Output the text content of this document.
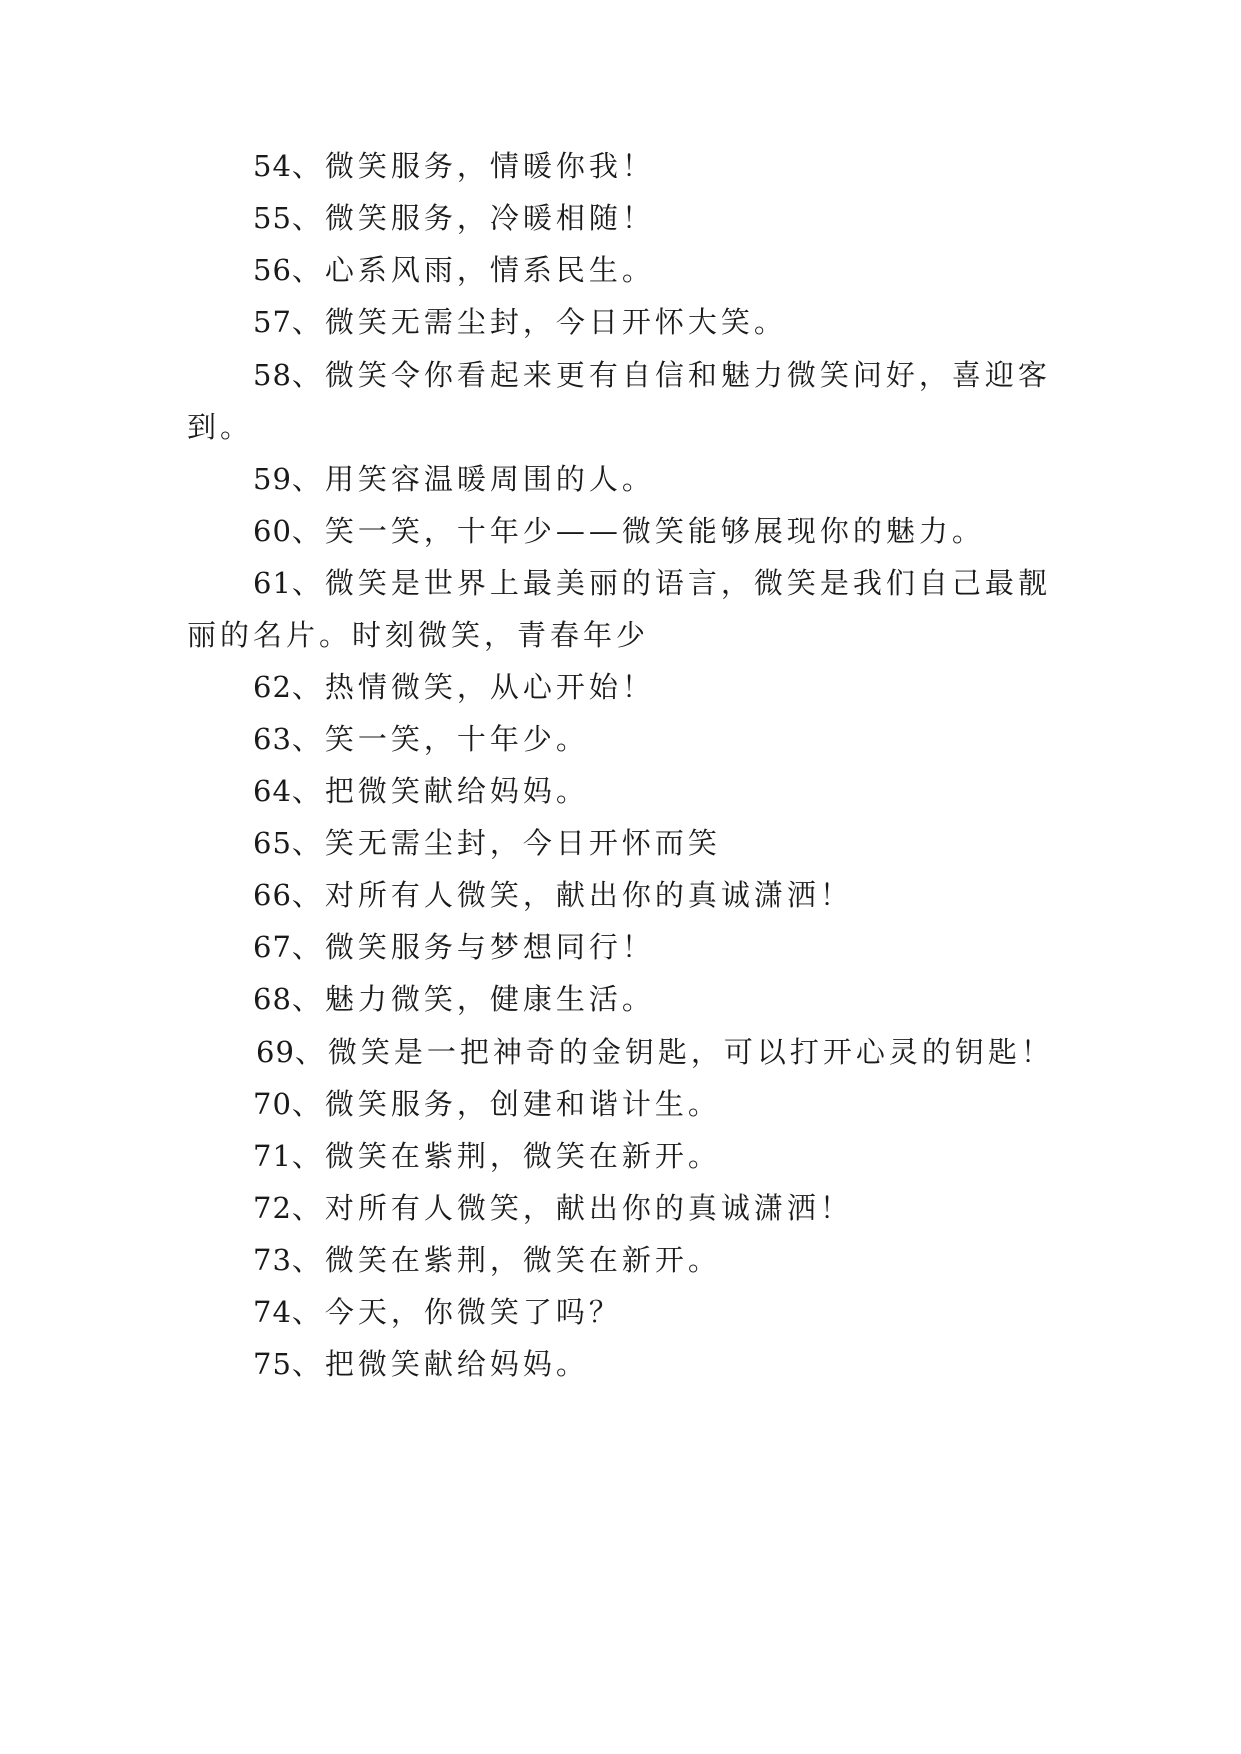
54、微笑服务，情暖你我！
55、微笑服务，冷暖相随！
56、心系风雨，情系民生。
57、微笑无需尘封，今日开怀大笑。
58、微笑令你看起来更有自信和魅力微笑问好，喜迎客
到。
59、用笑容温暖周围的人。
60、笑一笑，十年少——微笑能够展现你的魅力。
61、微笑是世界上最美丽的语言，微笑是我们自己最靓
丽的名片。时刻微笑，青春年少
62、热情微笑，从心开始！
63、笑一笑，十年少。
64、把微笑献给妈妈。
65、笑无需尘封，今日开怀而笑
66、对所有人微笑，献出你的真诚潇洒！
67、微笑服务与梦想同行！
68、魅力微笑，健康生活。
69、微笑是一把神奇的金钥匙，可以打开心灵的钥匙！
70、微笑服务，创建和谐计生。
71、微笑在紫荆，微笑在新开。
72、对所有人微笑，献出你的真诚潇洒！
73、微笑在紫荆，微笑在新开。
74、今天，你微笑了吗？
75、把微笑献给妈妈。
